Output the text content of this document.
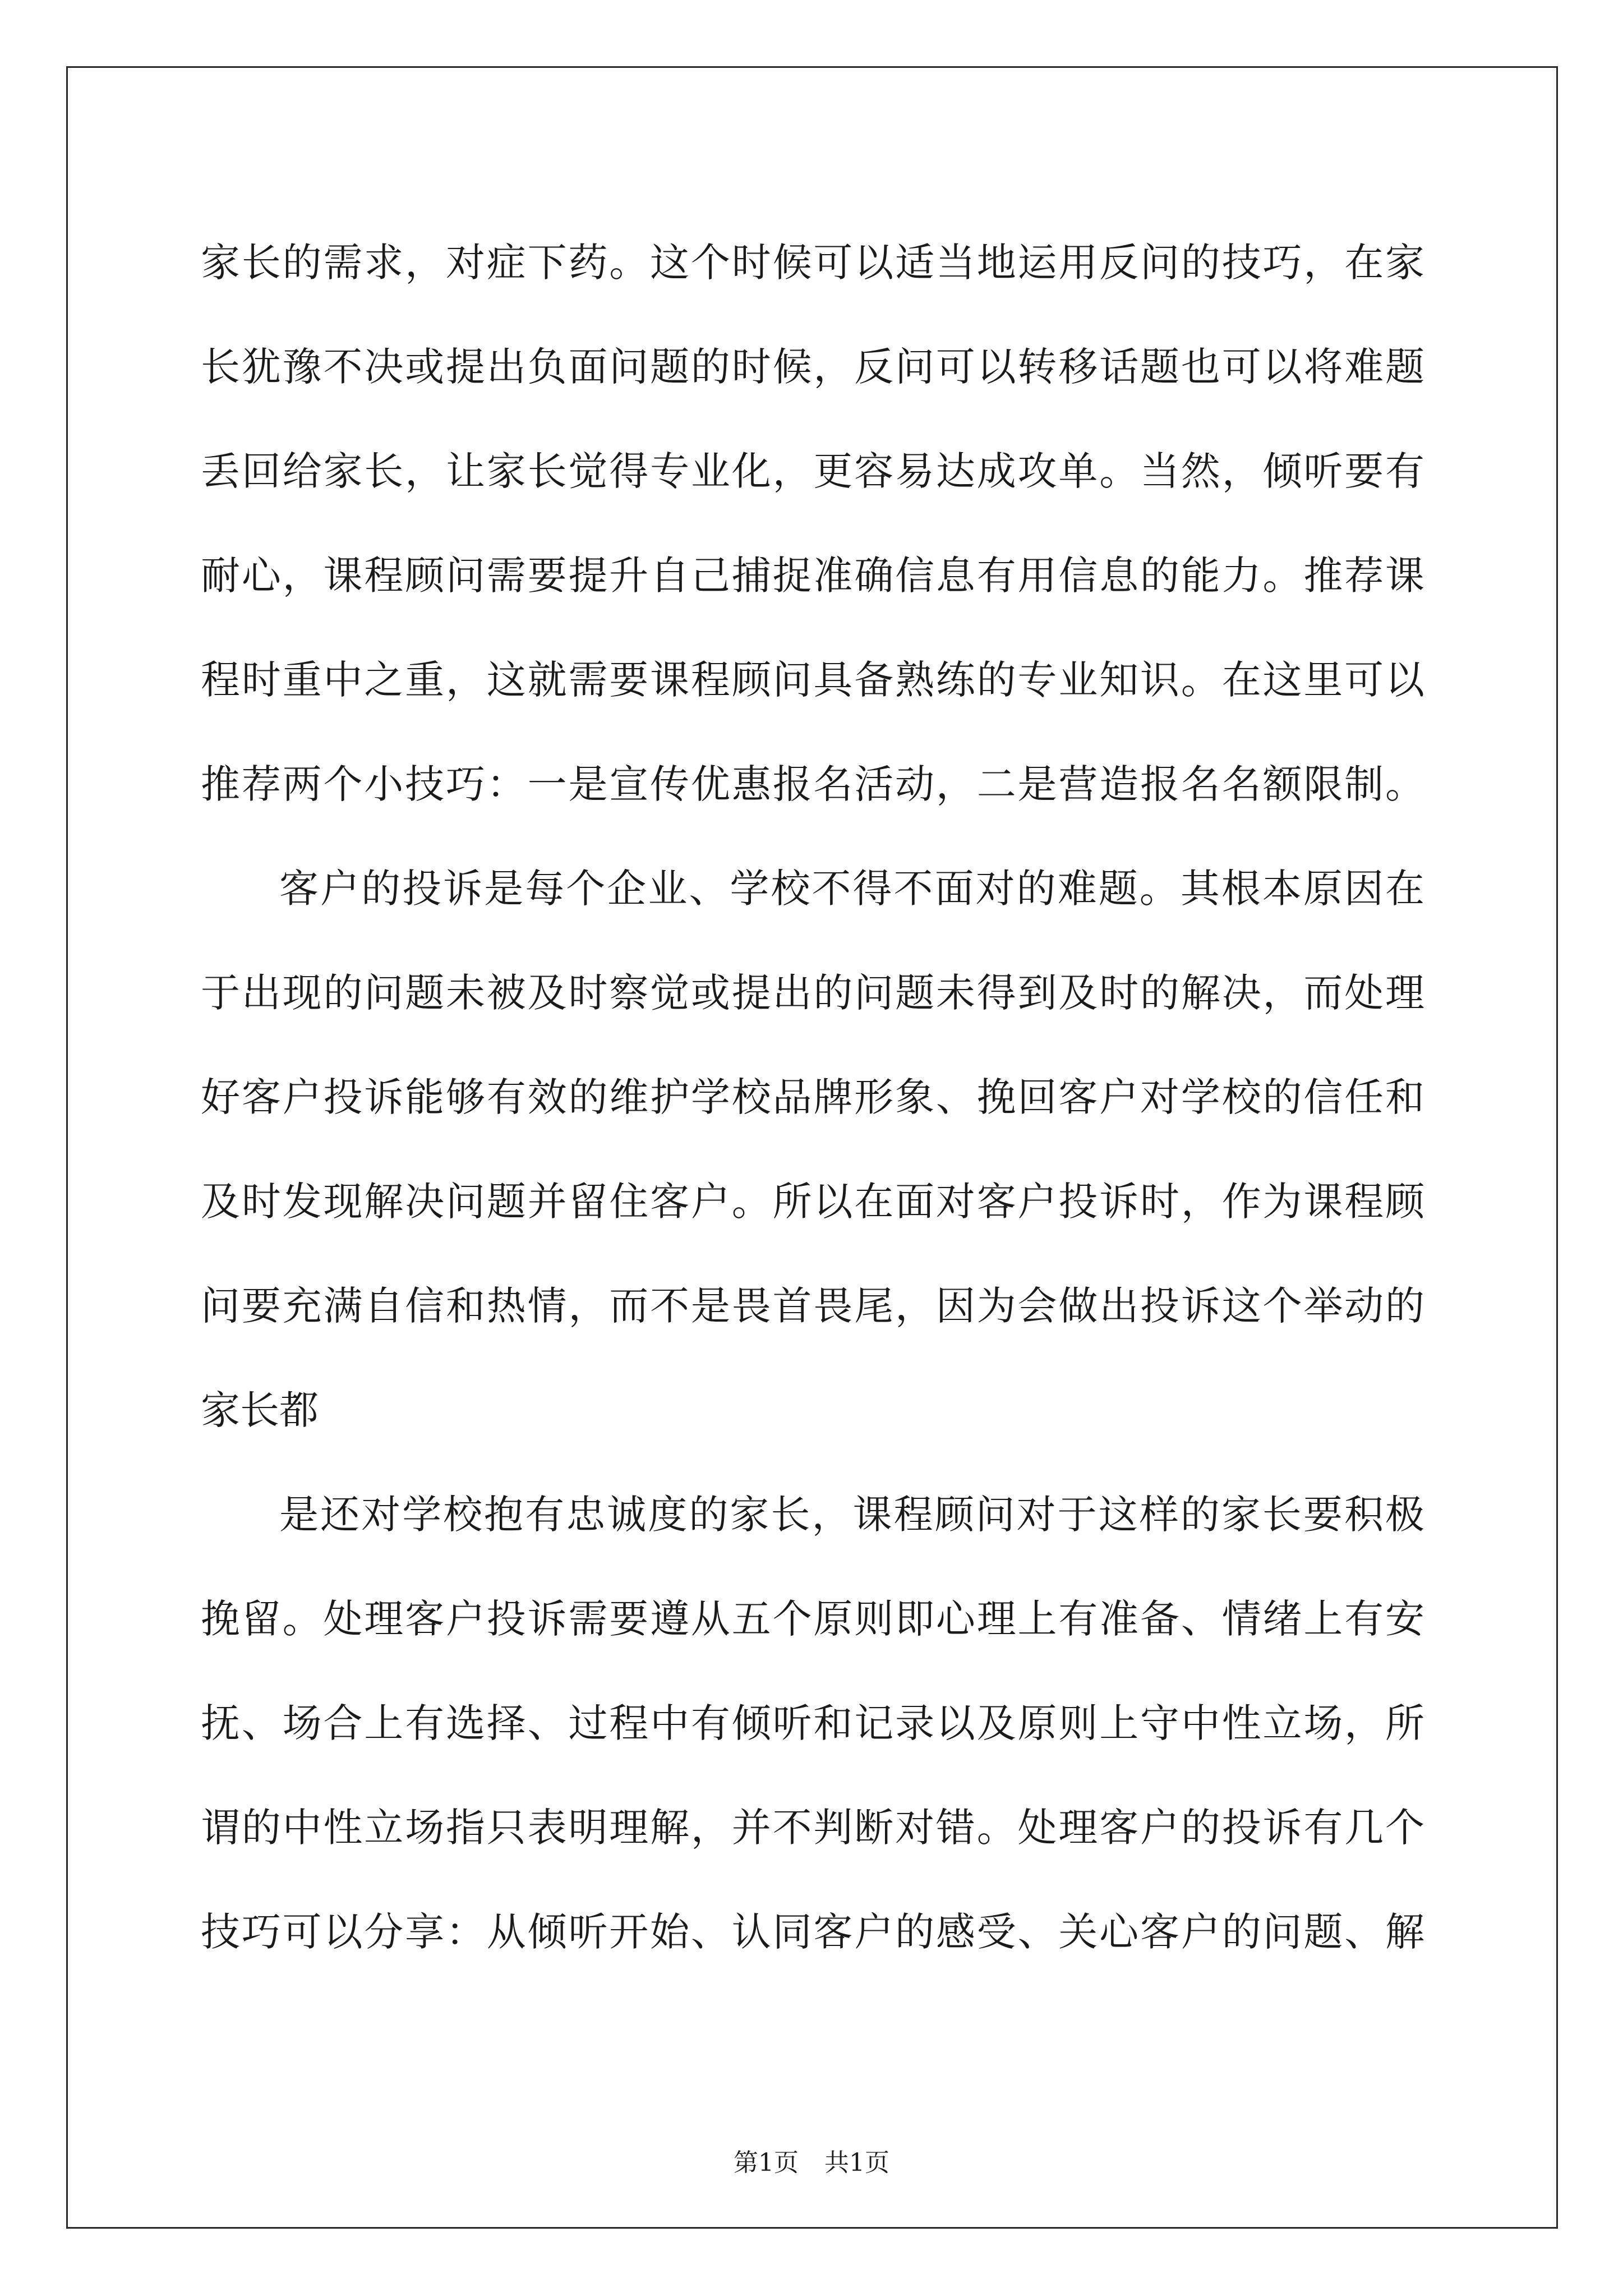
家长的需求，对症下药。这个时候可以适当地运用反问的技巧，在家
长犹豫不决或提出负面问题的时候，反问可以转移话题也可以将难题
丢回给家长，让家长觉得专业化，更容易达成攻单。当然，倾听要有
耐心，课程顾问需要提升自己捕捉准确信息有用信息的能力。推荐课
程时重中之重，这就需要课程顾问具备熟练的专业知识。在这里可以
推荐两个小技巧：一是宣传优惠报名活动，二是营造报名名额限制。
客户的投诉是每个企业、学校不得不面对的难题。其根本原因在
于出现的问题未被及时察觉或提出的问题未得到及时的解决，而处理
好客户投诉能够有效的维护学校品牌形象、挽回客户对学校的信任和
及时发现解决问题并留住客户。所以在面对客户投诉时，作为课程顾
问要充满自信和热情，而不是畏首畏尾，因为会做出投诉这个举动的
家长都
是还对学校抱有忠诚度的家长，课程顾问对于这样的家长要积极
挽留。处理客户投诉需要遵从五个原则即心理上有准备、情绪上有安
抚、场合上有选择、过程中有倾听和记录以及原则上守中性立场，所
谓的中性立场指只表明理解，并不判断对错。处理客户的投诉有几个
技巧可以分享：从倾听开始、认同客户的感受、关心客户的问题、解
第1页 共1页
